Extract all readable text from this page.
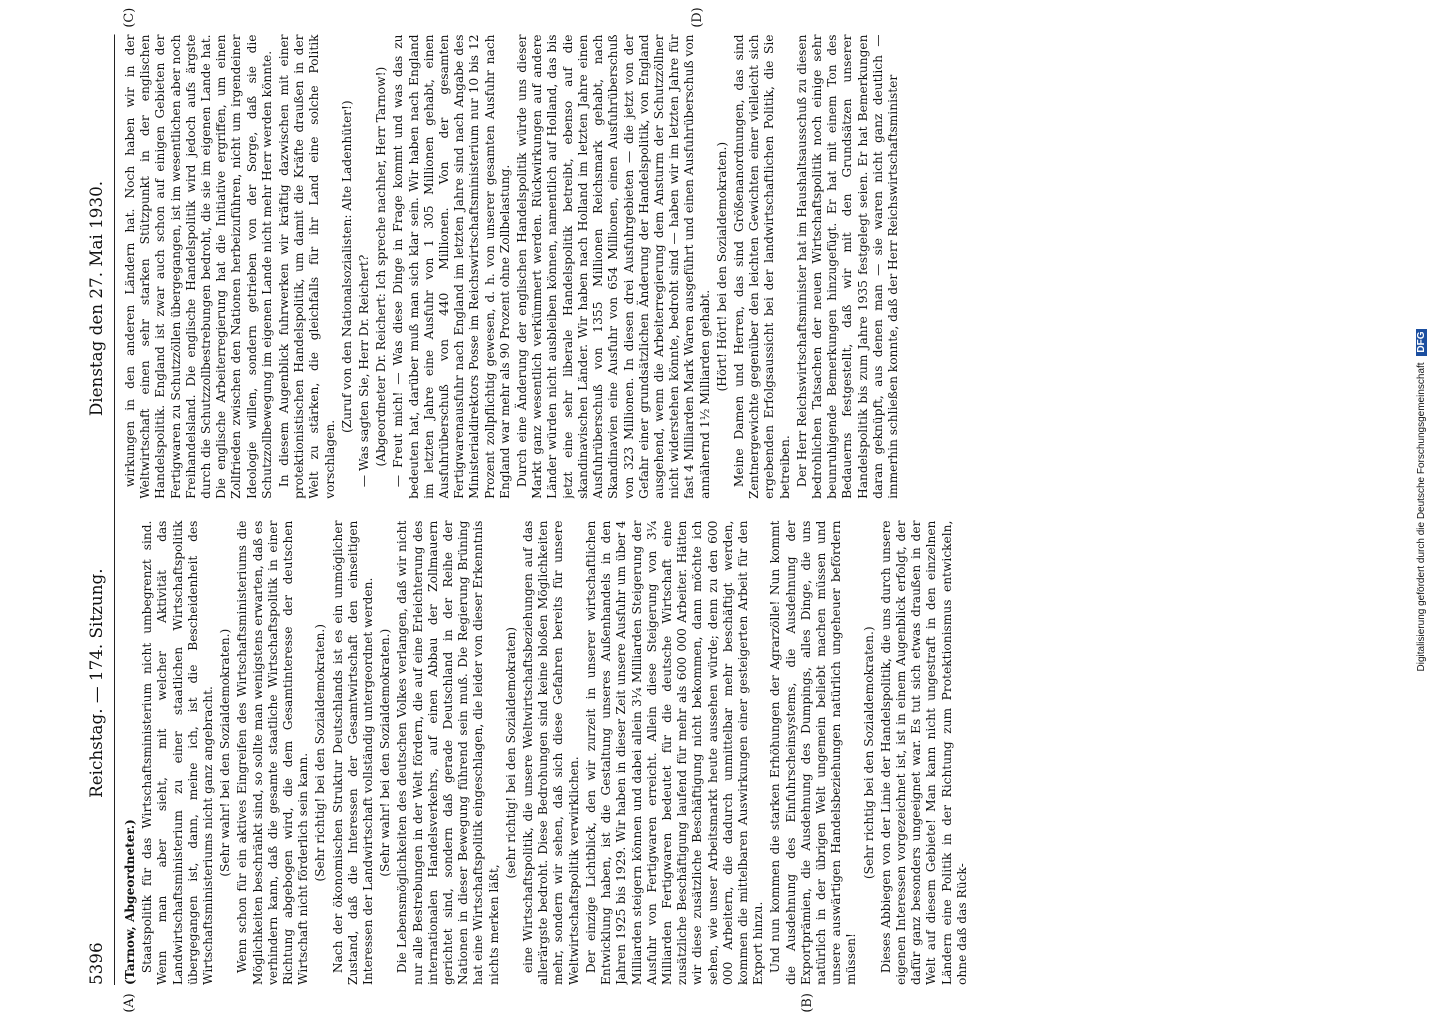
5396
Reichstag. — 174. Sitzung.
Dienstag den 27. Mai 1930.
(A)	(B)
(C)	(D)

(Tarnow, Abgeordneter.) Staatspolitik für das Wirtschaftsministerium nicht umbegrenzt sind. Wenn man aber sieht, mit welcher Aktivität das Landwirtschaftsministerium zu einer staatlichen Wirtschaftspolitik übergegangen ist, dann, meine ich, ist die Bescheidenheit des Wirtschaftsministeriums nicht ganz angebracht. (Sehr wahr! bei den Sozialdemokraten.) Wenn schon für ein aktives Eingreifen des Wirtschaftsministeriums die Möglichkeiten beschränkt sind, so sollte man wenigstens erwarten, daß es verhindern kann, daß die gesamte staatliche Wirtschaftspolitik in einer Richtung abgebogen wird, die dem Gesamtinteresse der deutschen Wirtschaft nicht förderlich sein kann. (Sehr richtig! bei den Sozialdemokraten.) Nach der ökonomischen Struktur Deutschlands ist es ein unmöglicher Zustand, daß die Interessen der Gesamtwirtschaft den einseitigen Interessen der Landwirtschaft vollständig untergeordnet werden. (Sehr wahr! bei den Sozialdemokraten.) Die Lebensmöglichkeiten des deutschen Volkes verlangen, daß wir nicht nur alle Bestrebungen in der Welt fördern, die auf eine Erleichterung des internationalen Handelsverkehrs, auf einen Abbau der Zollmauern gerichtet sind, sondern daß gerade Deutschland in der Reihe der Nationen in dieser Bewegung führend sein muß. Die Regierung Brüning hat eine Wirtschaftspolitik eingeschlagen, die leider von dieser Erkenntnis nichts merken läßt,

(sehr richtig! bei den Sozialdemokraten) eine Wirtschaftspolitik, die unsere Weltwirtschaftsbeziehungen auf das allerärgste bedroht. Diese Bedrohungen sind keine bloßen Möglichkeiten mehr, sondern wir sehen, daß sich diese Gefahren bereits für unsere Weltwirtschaftspolitik verwirklichen. Der einzige Lichtblick, den wir zurzeit in unserer wirtschaftlichen Entwicklung haben, ist die Gestaltung unseres Außenhandels in den Jahren 1925 bis 1929. Wir haben in dieser Zeit unsere Ausfuhr um über 4 Milliarden steigern können und dabei allein 3¼ Milliarden Steigerung der Ausfuhr von Fertigwaren erreicht. Allein diese Steigerung von 3¼ Milliarden Fertigwaren bedeutet für die deutsche Wirtschaft eine zusätzliche Beschäftigung laufend für mehr als 600 000 Arbeiter. Hätten wir diese zusätzliche Beschäftigung nicht bekommen, dann möchte ich sehen, wie unser Arbeitsmarkt heute aussehen würde; denn zu den 600 000 Arbeitern, die dadurch unmittelbar mehr beschäftigt werden, kommen die mittelbaren Auswirkungen einer gesteigerten Arbeit für den Export hinzu. Und nun kommen die starken Erhöhungen der Agrarzölle! Nun kommt die Ausdehnung des Einfuhrscheinsystems, die Ausdehnung der Exportprämien, die Ausdehnung des Dumpings, alles Dinge, die uns natürlich in der übrigen Welt ungemein beliebt machen müssen und unsere auswärtigen Handelsbeziehungen natürlich ungeheuer befördern müssen!

(Sehr richtig bei den Sozialdemokraten.) Dieses Abbiegen von der Linie der Handelspolitik, die uns durch unsere eigenen Interessen vorgezeichnet ist, ist in einem Augenblick erfolgt, der dafür ganz besonders ungeeignet war. Es tut sich etwas draußen in der Welt auf diesem Gebiete! Man kann nicht ungestraft in den einzelnen Ländern eine Politik in der Richtung zum Protektionismus entwickeln, ohne daß das Rück-

wirkungen in den anderen Ländern hat. Noch haben wir in der Weltwirtschaft einen sehr starken Stützpunkt in der englischen Handelspolitik. England ist zwar auch schon auf einigen Gebieten der Fertigwaren zu Schutzzöllen übergegangen, ist im wesentlichen aber noch Freihandelsland. Die englische Handelspolitik wird jedoch aufs ärgste durch die Schutzzollbestrebungen bedroht, die sie im eigenen Lande hat. Die englische Arbeiterregierung hat die Initiative ergriffen, um einen Zollfrieden zwischen den Nationen herbeizuführen, nicht um irgendeiner Ideologie willen, sondern getrieben von der Sorge, daß sie die Schutzzollbewegung im eigenen Lande nicht mehr Herr werden könnte. In diesem Augenblick fuhrwerken wir kräftig dazwischen mit einer protektionistischen Handelspolitik, um damit die Kräfte draußen in der Welt zu stärken, die gleichfalls für ihr Land eine solche Politik vorschlagen.

(Zuruf von den Nationalsozialisten: Alte Ladenhüter!) — Was sagten Sie, Herr Dr. Reichert? (Abgeordneter Dr. Reichert: Ich spreche nachher, Herr Tarnow!) — Freut mich! — Was diese Dinge in Frage kommt und was das zu bedeuten hat, darüber muß man sich klar sein. Wir haben nach England im letzten Jahre eine Ausfuhr von 1 305 Millionen gehabt, einen Ausfuhrüberschuß von 440 Millionen. Von der gesamten Fertigwarenausfuhr nach England im letzten Jahre sind nach Angabe des Ministerialdirektors Posse im Reichswirtschaftsministerium nur 10 bis 12 Prozent zollpflichtig gewesen, d. h. von unserer gesamten Ausfuhr nach England war mehr als 90 Prozent ohne Zollbelastung. Durch eine Änderung der englischen Handelspolitik würde uns dieser Markt ganz wesentlich verkümmert werden. Rückwirkungen auf andere Länder würden nicht ausbleiben können, namentlich auf Holland, das bis jetzt eine sehr liberale Handelspolitik betreibt, ebenso auf die skandinavischen Länder. Wir haben nach Holland im letzten Jahre einen Ausfuhrüberschuß von 1355 Millionen Reichsmark gehabt, nach Skandinavien eine Ausfuhr von 654 Millionen, einen Ausfuhrüberschuß von 323 Millionen. In diesen drei Ausfuhrgebieten — die jetzt von der Gefahr einer grundsätzlichen Änderung der Handelspolitik, von England ausgehend, wenn die Arbeiterregierung dem Ansturm der Schutzzöllner nicht widerstehen könnte, bedroht sind — haben wir im letzten Jahre für fast 4 Milliarden Mark Waren ausgeführt und einen Ausfuhrüberschuß von annähernd 1½ Milliarden gehabt.

(Hört! Hört! bei den Sozialdemokraten.) Meine Damen und Herren, das sind Größenanordnungen, das sind Zentnergewichte gegenüber den leichten Gewichten einer vielleicht sich ergebenden Erfolgsaussicht bei der landwirtschaftlichen Politik, die Sie betreiben. Der Herr Reichswirtschaftsminister hat im Haushaltsausschuß zu diesen bedrohlichen Tatsachen der neuen Wirtschaftspolitik noch einige sehr beunruhigende Bemerkungen hinzugefügt. Er hat mit einem Ton des Bedauerns festgestellt, daß wir mit den Grundsätzen unserer Handelspolitik bis zum Jahre 1935 festgelegt seien. Er hat Bemerkungen daran geknüpft, aus denen man — sie waren nicht ganz deutlich — immerhin schließen konnte, daß der Herr Reichswirtschaftsminister

Digitalisierung gefördert durch die Deutsche Forschungsgemeinschaft DFG
